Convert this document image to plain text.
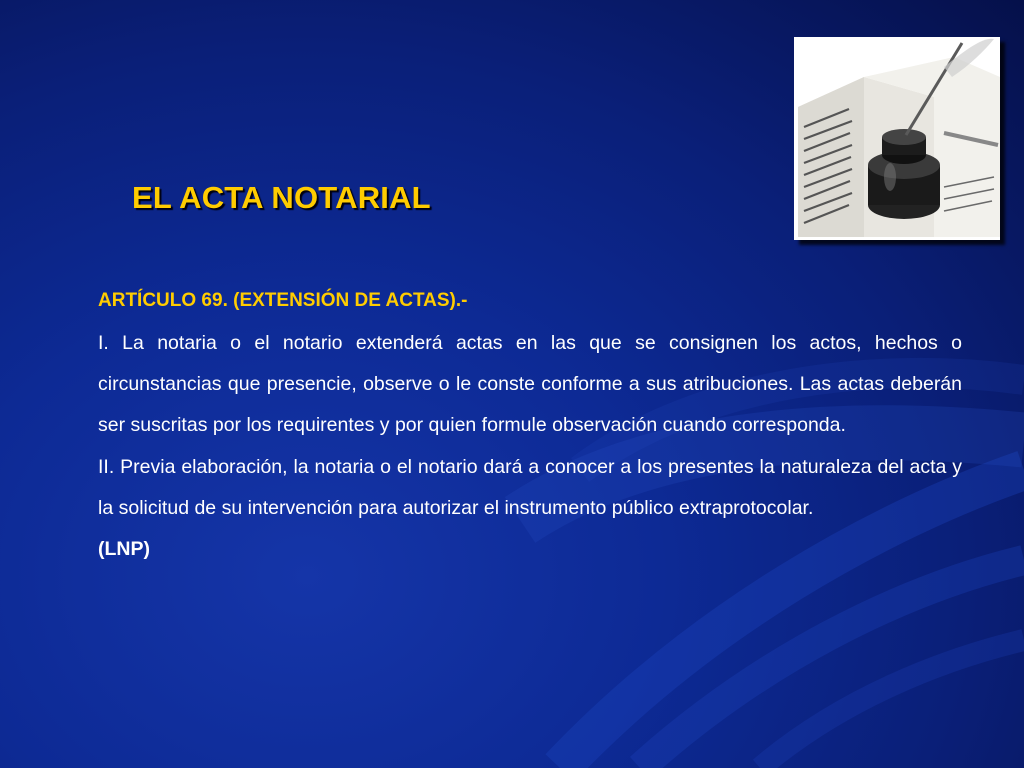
EL ACTA NOTARIAL

ARTÍCULO 69. (EXTENSIÓN DE ACTAS).-

I. La notaria o el notario extenderá actas en las que se consignen los actos, hechos o circunstancias que presencie, observe o le conste conforme a sus atribuciones. Las actas deberán ser suscritas por los requirentes y por quien formule observación cuando corresponda.

II. Previa elaboración, la notaria o el notario dará a conocer a los presentes la naturaleza del acta y la solicitud de su intervención para autorizar el instrumento público extraprotocolar.

(LNP)
